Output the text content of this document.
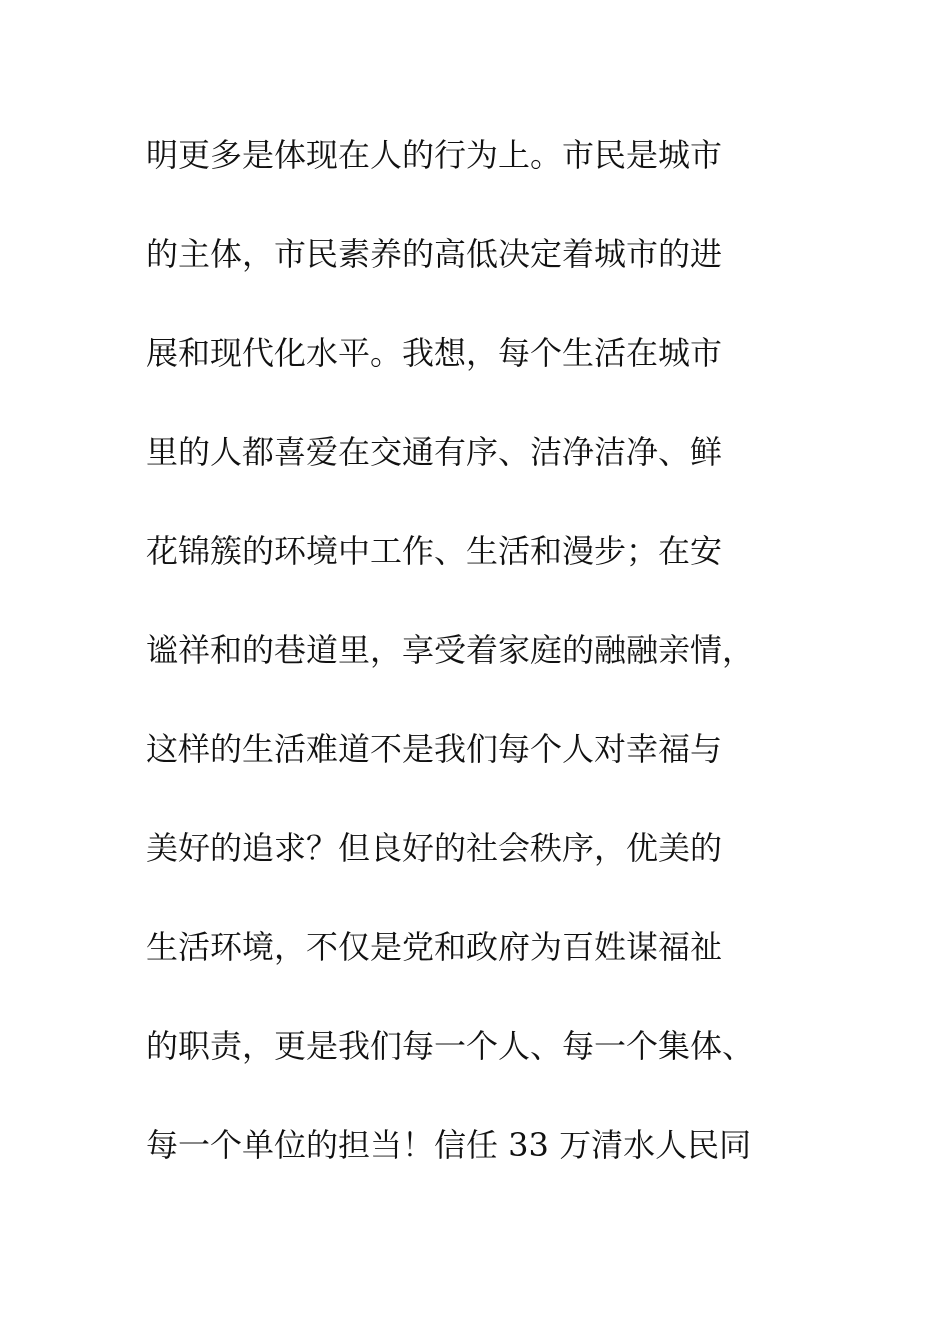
明更多是体现在人的行为上。市民是城市
的主体，市民素养的高低决定着城市的进
展和现代化水平。我想，每个生活在城市
里的人都喜爱在交通有序、洁净洁净、鲜
花锦簇的环境中工作、生活和漫步；在安
谧祥和的巷道里，享受着家庭的融融亲情，
这样的生活难道不是我们每个人对幸福与
美好的追求？但良好的社会秩序，优美的
生活环境，不仅是党和政府为百姓谋福祉
的职责，更是我们每一个人、每一个集体、
每一个单位的担当！信任 33 万清水人民同
